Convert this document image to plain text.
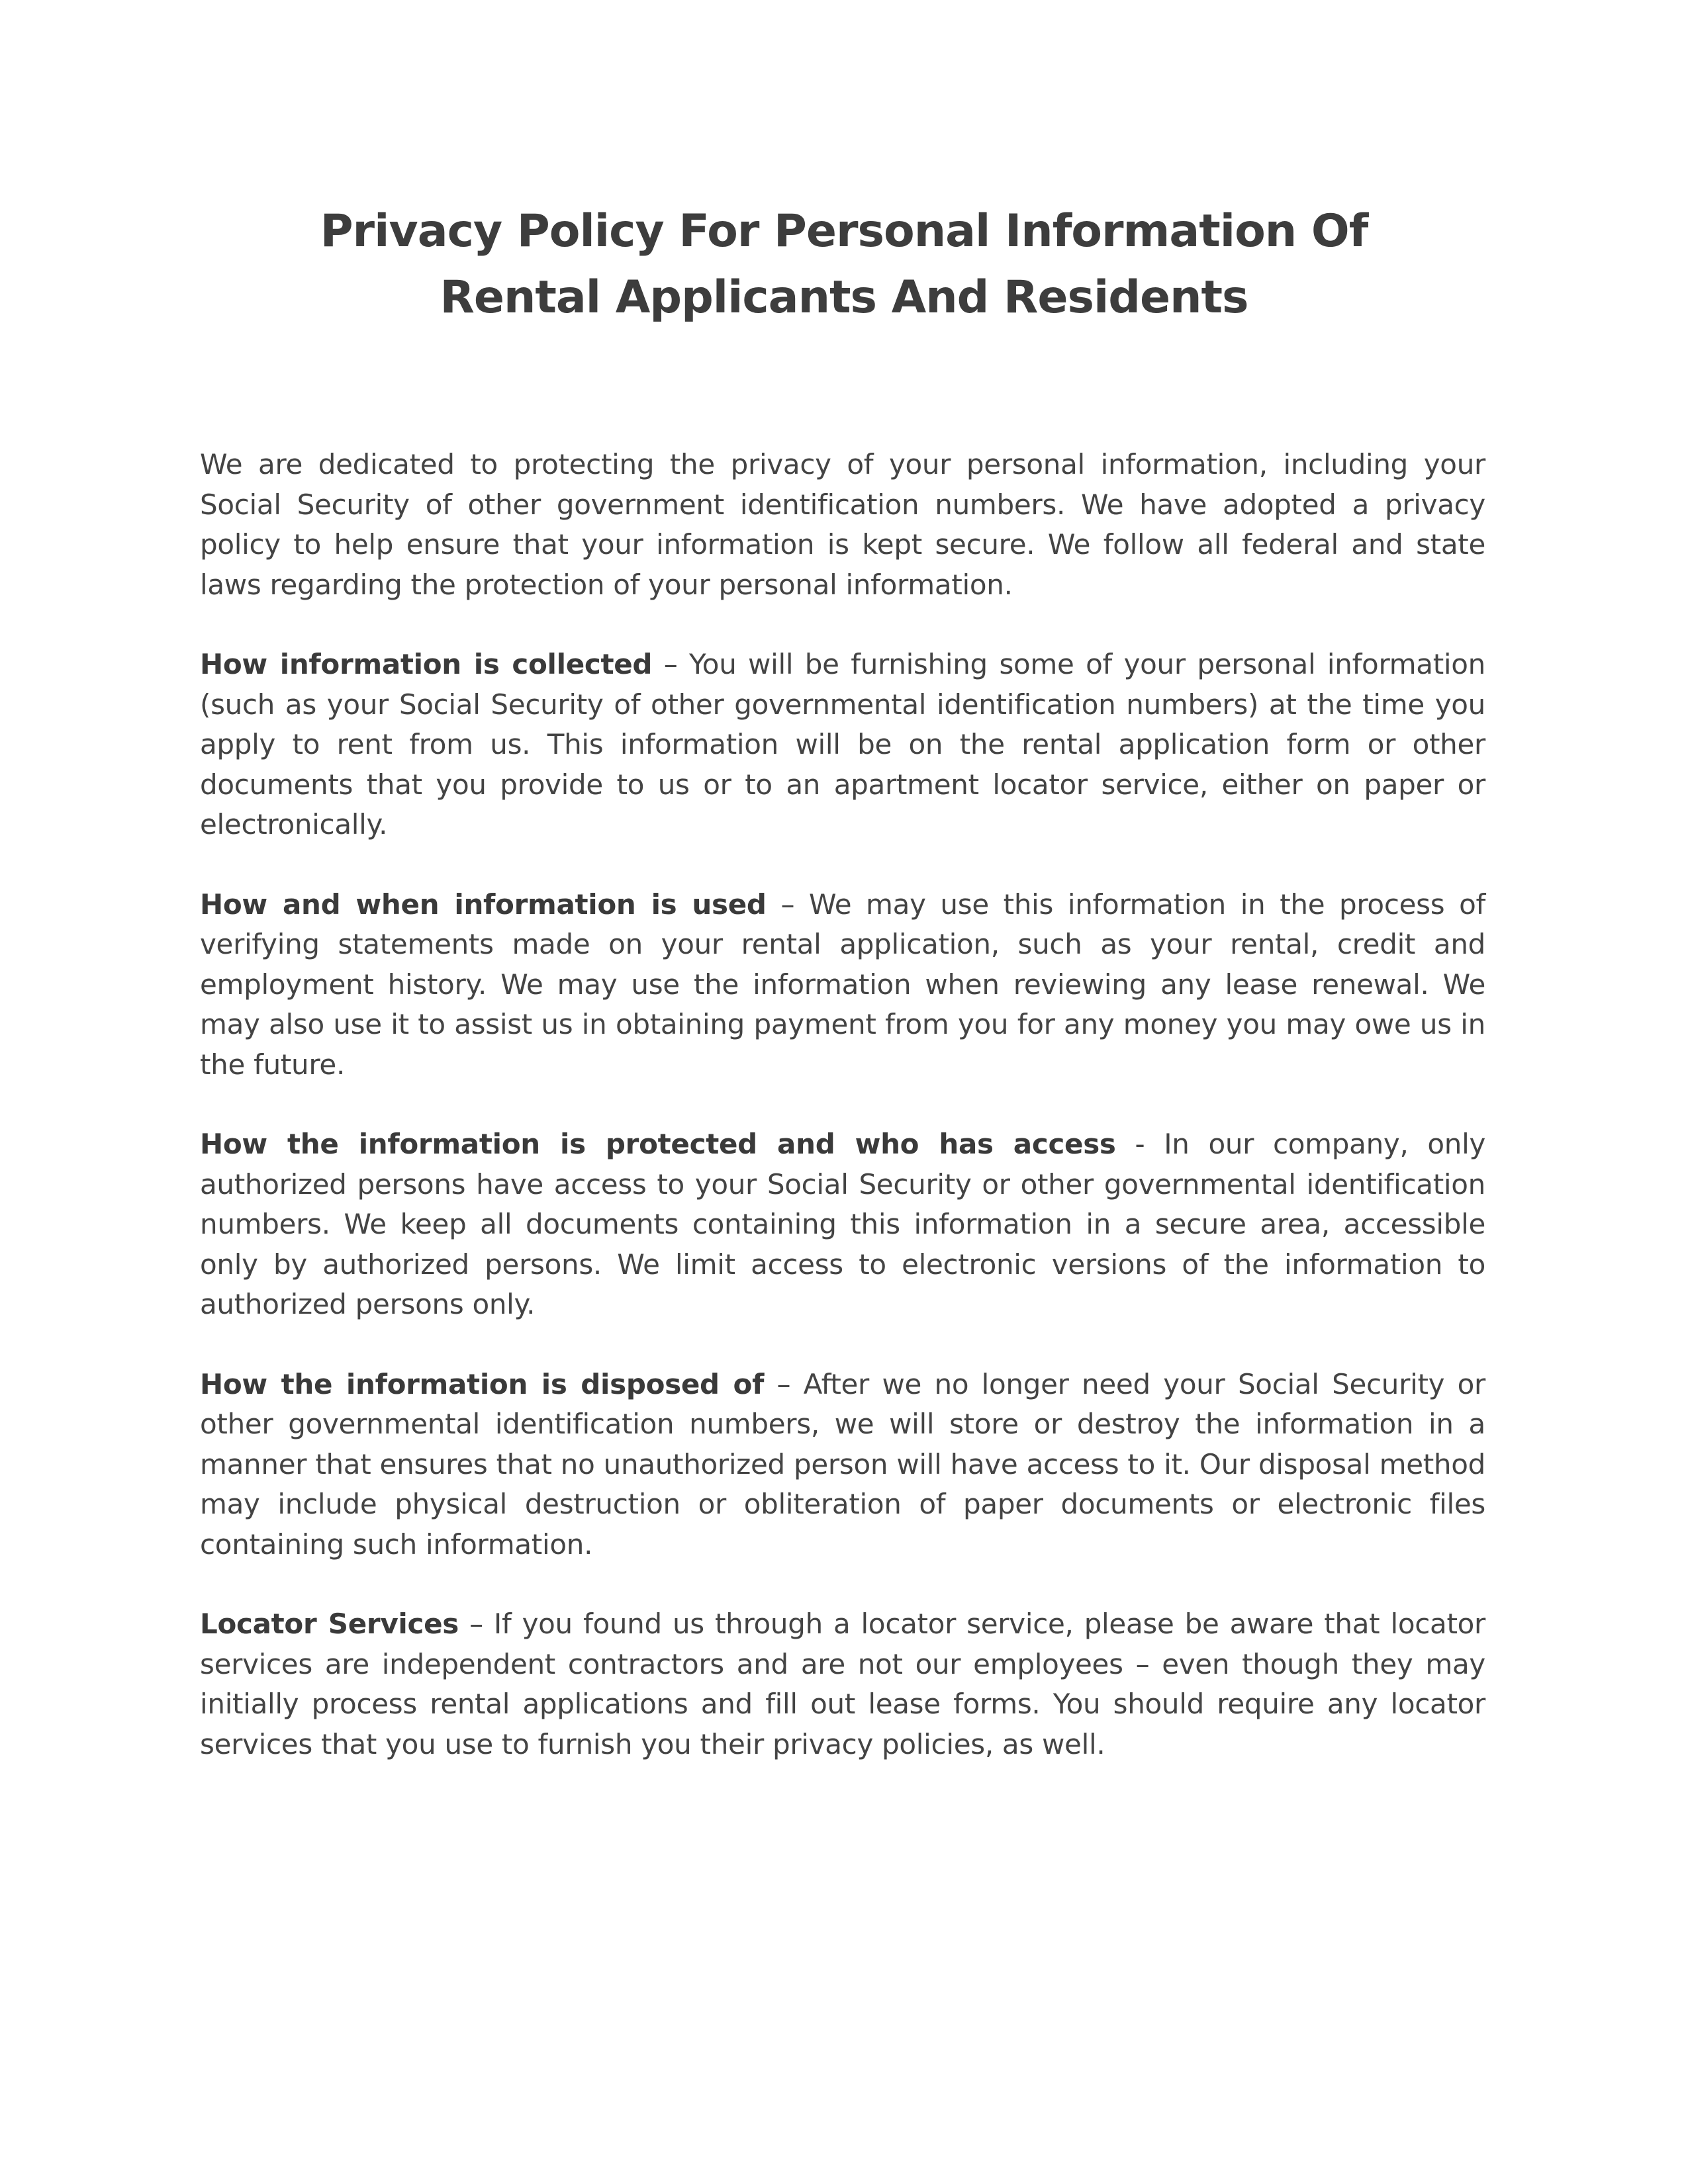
Privacy Policy For Personal Information Of
Rental Applicants And Residents

We are dedicated to protecting the privacy of your personal information, including your Social Security of other government identification numbers. We have adopted a privacy policy to help ensure that your information is kept secure. We follow all federal and state laws regarding the protection of your personal information.

How information is collected – You will be furnishing some of your personal information (such as your Social Security of other governmental identification numbers) at the time you apply to rent from us. This information will be on the rental application form or other documents that you provide to us or to an apartment locator service, either on paper or electronically.

How and when information is used – We may use this information in the process of verifying statements made on your rental application, such as your rental, credit and employment history. We may use the information when reviewing any lease renewal. We may also use it to assist us in obtaining payment from you for any money you may owe us in the future.

How the information is protected and who has access - In our company, only authorized persons have access to your Social Security or other governmental identification numbers. We keep all documents containing this information in a secure area, accessible only by authorized persons. We limit access to electronic versions of the information to authorized persons only.

How the information is disposed of – After we no longer need your Social Security or other governmental identification numbers, we will store or destroy the information in a manner that ensures that no unauthorized person will have access to it. Our disposal method may include physical destruction or obliteration of paper documents or electronic files containing such information.

Locator Services – If you found us through a locator service, please be aware that locator services are independent contractors and are not our employees – even though they may initially process rental applications and fill out lease forms. You should require any locator services that you use to furnish you their privacy policies, as well.
